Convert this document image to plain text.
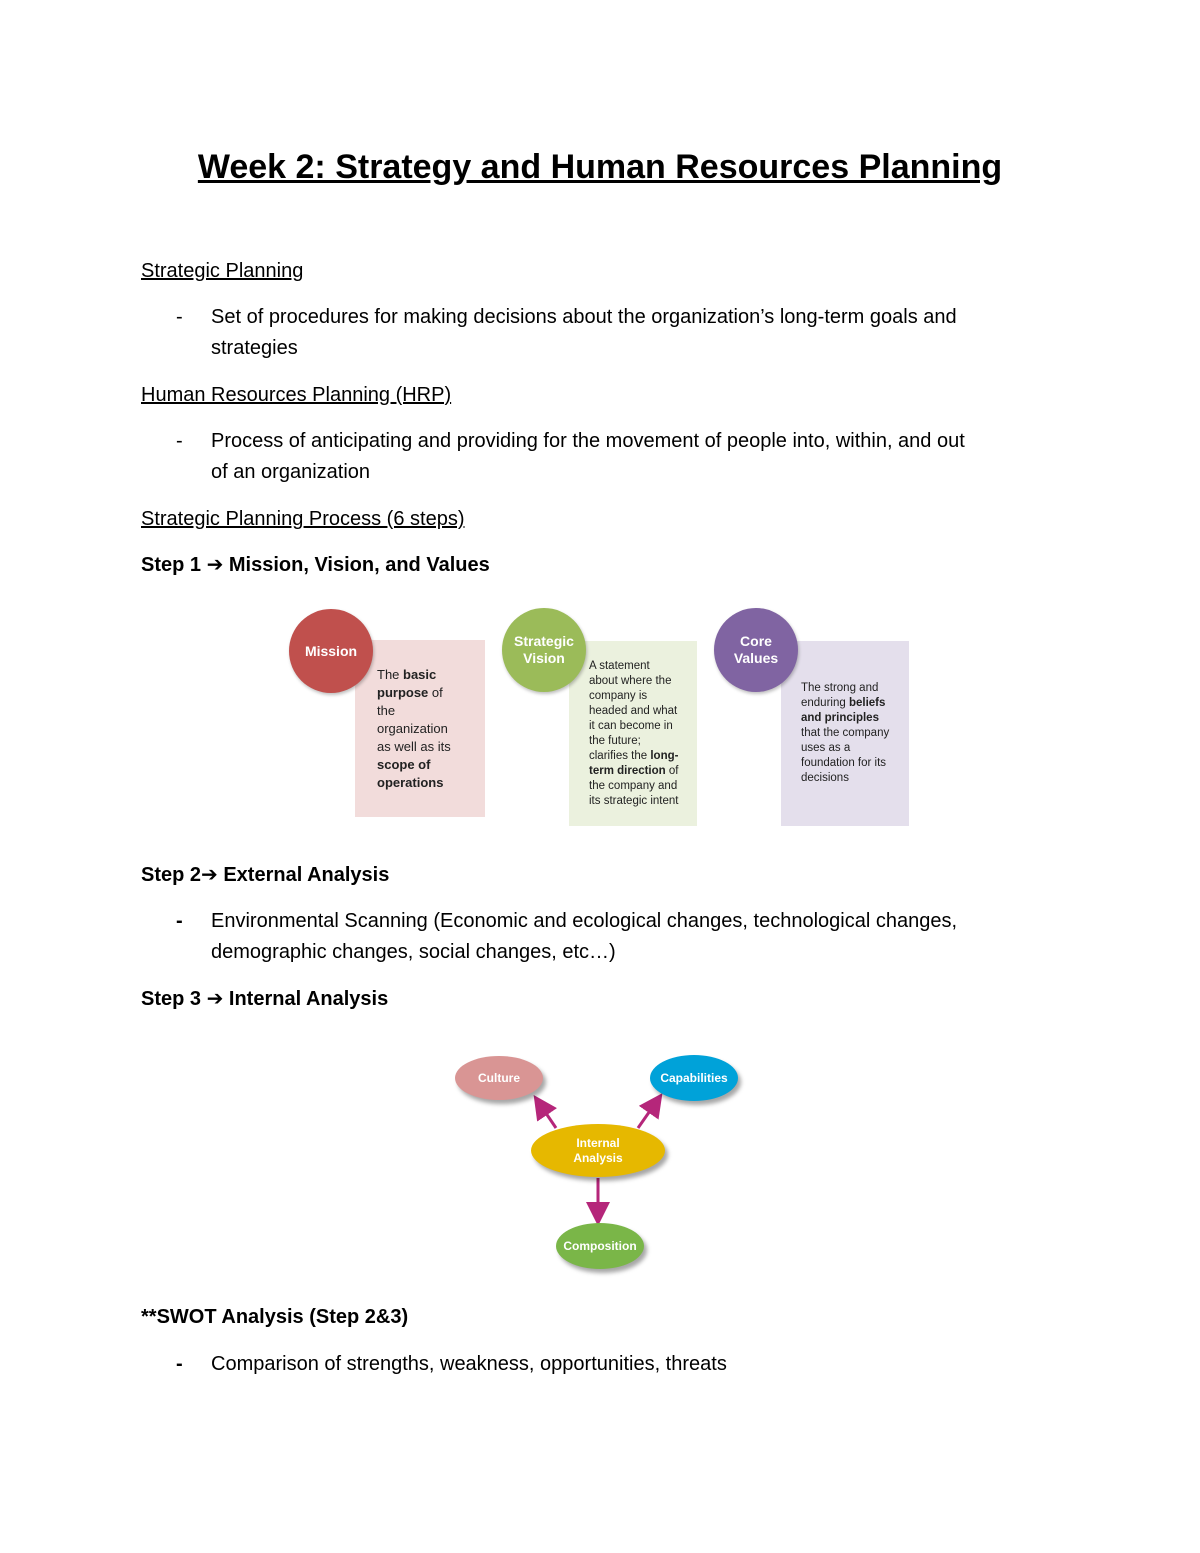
Week 2: Strategy and Human Resources Planning
Strategic Planning
- Set of procedures for making decisions about the organization’s long-term goals and
strategies
Human Resources Planning (HRP)
- Process of anticipating and providing for the movement of people into, within, and out
of an organization
Strategic Planning Process (6 steps)
Step 1 ➔ Mission, Vision, and Values
The basic
purpose of
the
organization
as well as its
scope of
operations
Mission
A statement
about where the
company is
headed and what
it can become in
the future;
clarifies the long-
term direction of
the company and
its strategic intent
Strategic
Vision
The strong and
enduring beliefs
and principles
that the company
uses as a
foundation for its
decisions
Core
Values
Step 2➔ External Analysis
- Environmental Scanning (Economic and ecological changes, technological changes,
demographic changes, social changes, etc…)
Step 3 ➔ Internal Analysis
Culture	Capabilities
Internal
Analysis
Composition
**SWOT Analysis (Step 2&3)
- Comparison of strengths, weakness, opportunities, threats
